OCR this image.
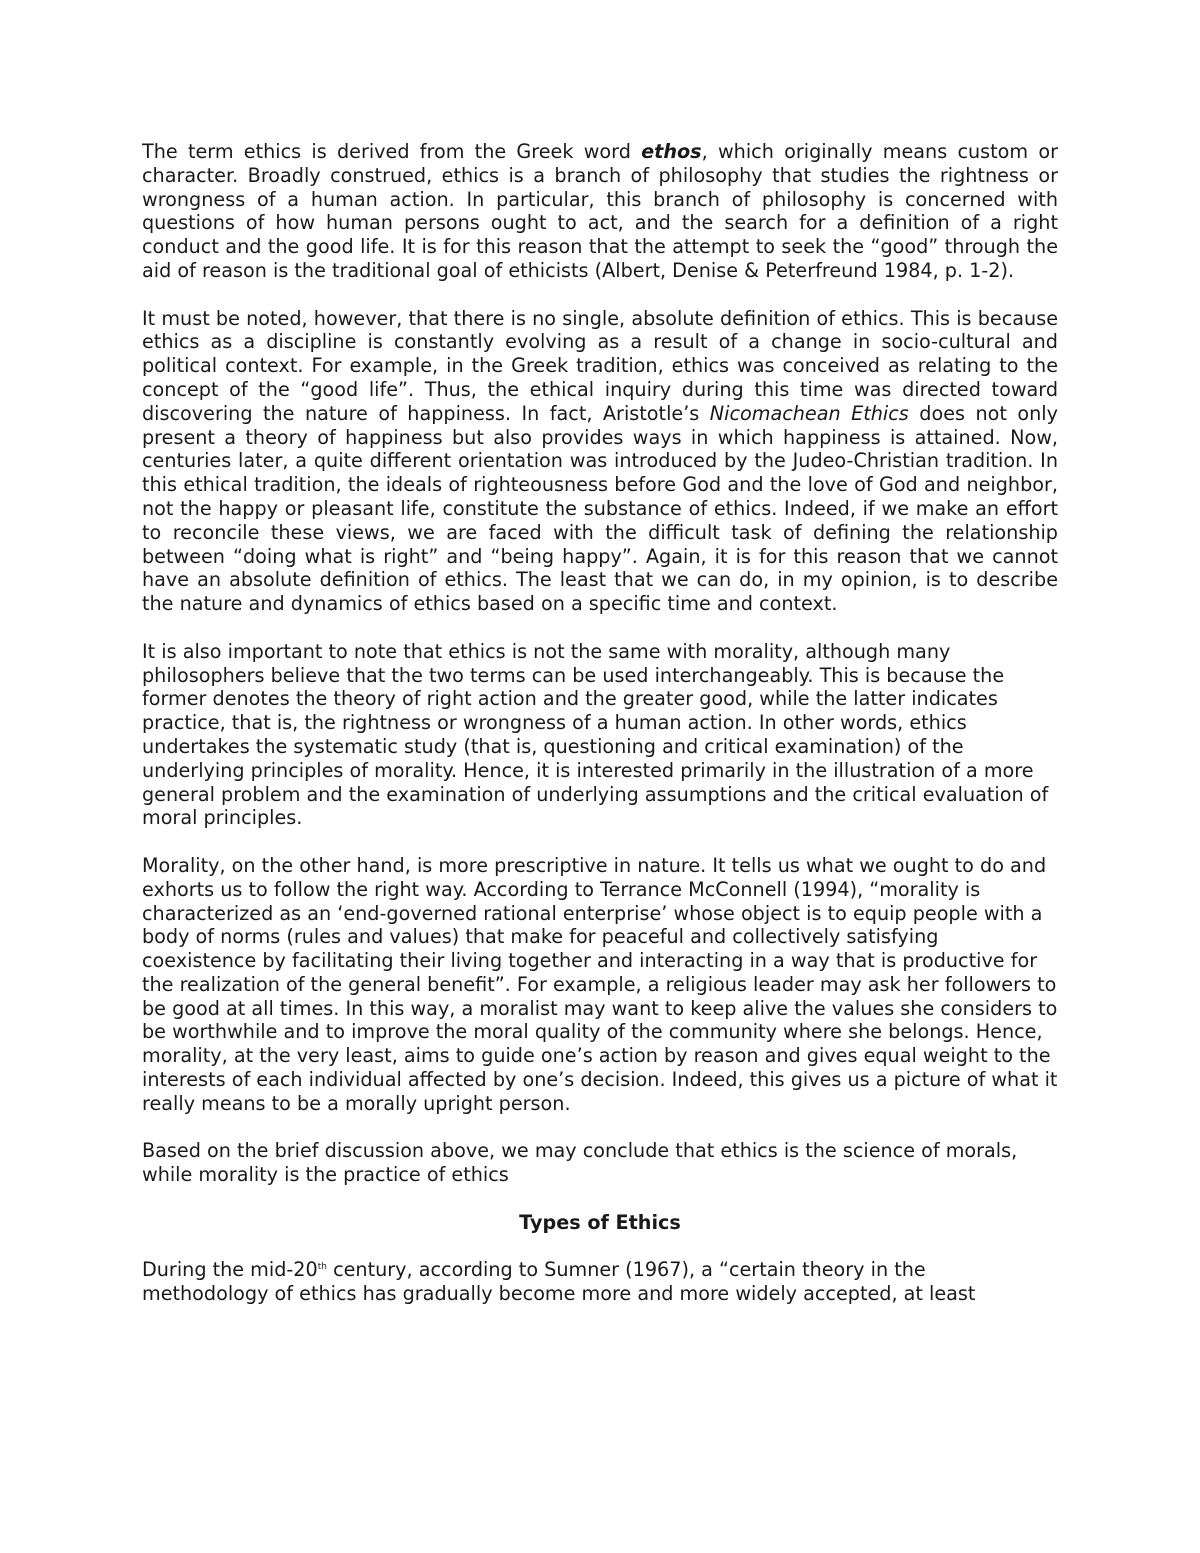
The term ethics is derived from the Greek word ethos, which originally means custom or character. Broadly construed, ethics is a branch of philosophy that studies the rightness or wrongness of a human action. In particular, this branch of philosophy is concerned with questions of how human persons ought to act, and the search for a definition of a right conduct and the good life. It is for this reason that the attempt to seek the “good” through the aid of reason is the traditional goal of ethicists (Albert, Denise & Peterfreund 1984, p. 1-2).

It must be noted, however, that there is no single, absolute definition of ethics. This is because ethics as a discipline is constantly evolving as a result of a change in socio-cultural and political context. For example, in the Greek tradition, ethics was conceived as relating to the concept of the “good life”. Thus, the ethical inquiry during this time was directed toward discovering the nature of happiness. In fact, Aristotle’s Nicomachean Ethics does not only present a theory of happiness but also provides ways in which happiness is attained. Now, centuries later, a quite different orientation was introduced by the Judeo-Christian tradition. In this ethical tradition, the ideals of righteousness before God and the love of God and neighbor, not the happy or pleasant life, constitute the substance of ethics. Indeed, if we make an effort to reconcile these views, we are faced with the difficult task of defining the relationship between “doing what is right” and “being happy”. Again, it is for this reason that we cannot have an absolute definition of ethics. The least that we can do, in my opinion, is to describe the nature and dynamics of ethics based on a specific time and context.

It is also important to note that ethics is not the same with morality, although many philosophers believe that the two terms can be used interchangeably. This is because the former denotes the theory of right action and the greater good, while the latter indicates practice, that is, the rightness or wrongness of a human action. In other words, ethics undertakes the systematic study (that is, questioning and critical examination) of the underlying principles of morality. Hence, it is interested primarily in the illustration of a more general problem and the examination of underlying assumptions and the critical evaluation of moral principles.

Morality, on the other hand, is more prescriptive in nature. It tells us what we ought to do and exhorts us to follow the right way. According to Terrance McConnell (1994), “morality is characterized as an ‘end-governed rational enterprise’ whose object is to equip people with a body of norms (rules and values) that make for peaceful and collectively satisfying coexistence by facilitating their living together and interacting in a way that is productive for the realization of the general benefit”. For example, a religious leader may ask her followers to be good at all times. In this way, a moralist may want to keep alive the values she considers to be worthwhile and to improve the moral quality of the community where she belongs. Hence, morality, at the very least, aims to guide one’s action by reason and gives equal weight to the interests of each individual affected by one’s decision. Indeed, this gives us a picture of what it really means to be a morally upright person.

Based on the brief discussion above, we may conclude that ethics is the science of morals, while morality is the practice of ethics

Types of Ethics

During the mid-20th century, according to Sumner (1967), a “certain theory in the methodology of ethics has gradually become more and more widely accepted, at least
